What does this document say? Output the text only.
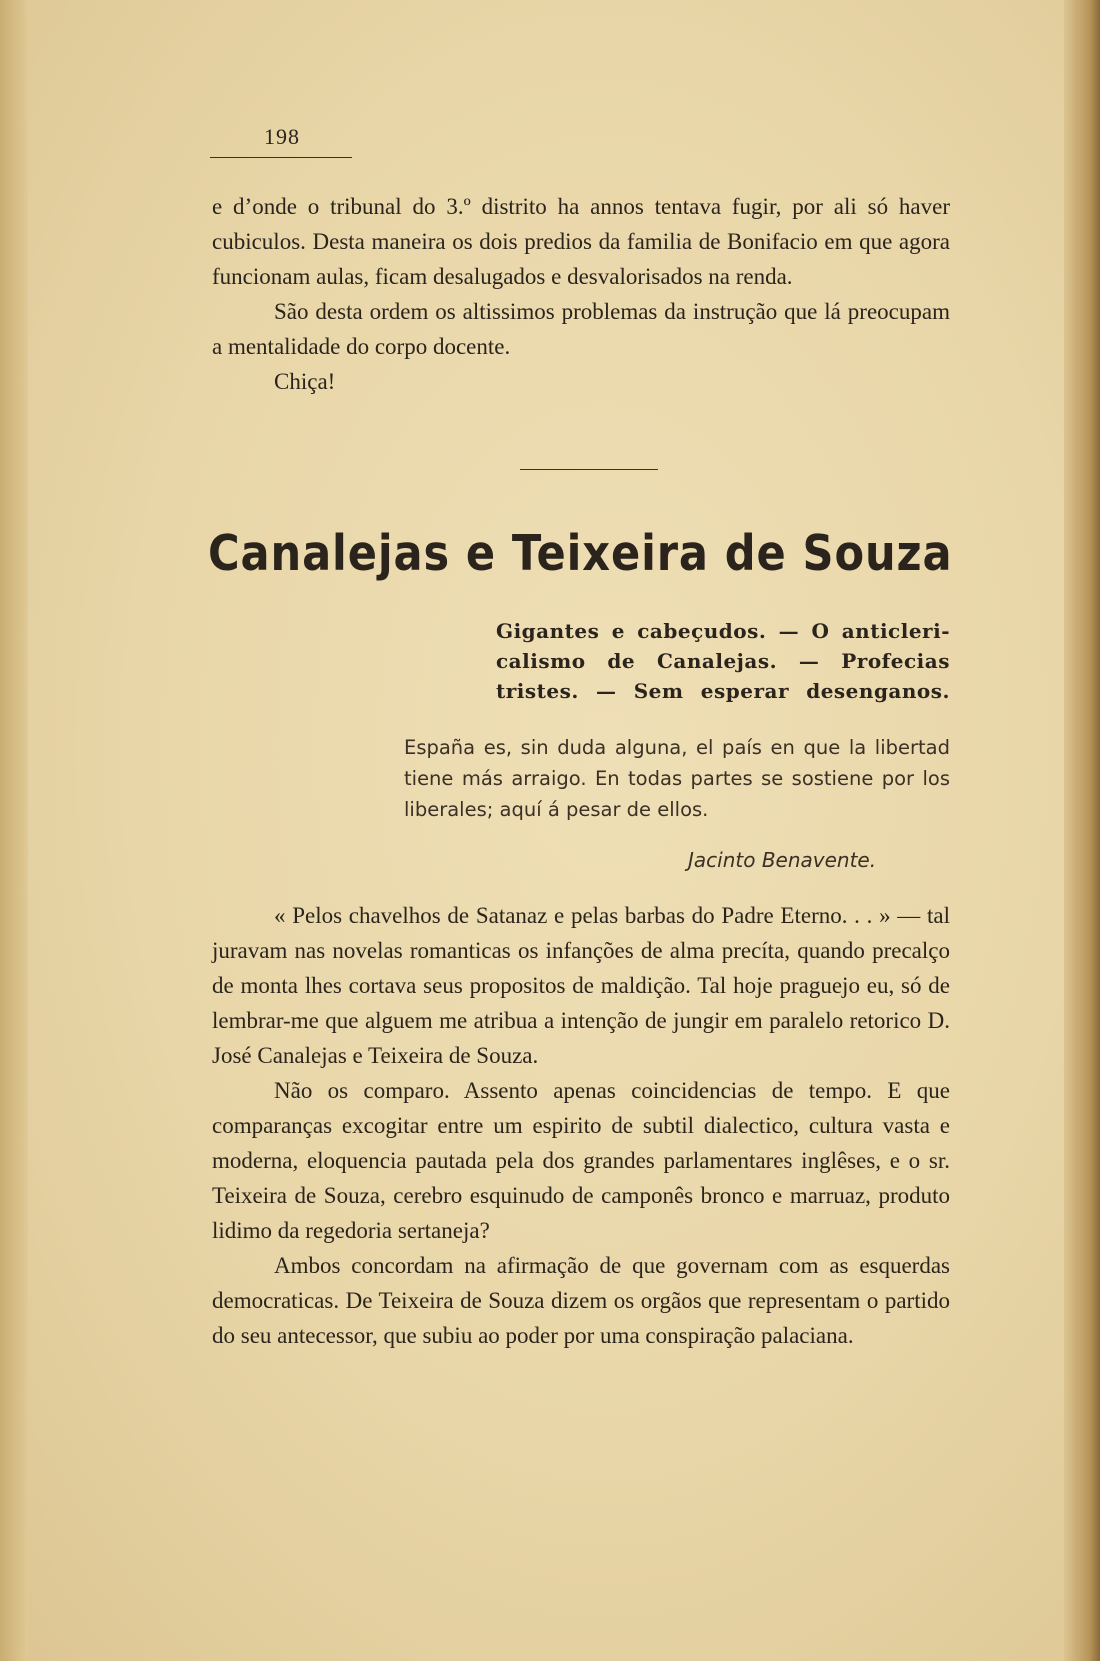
198

e d’onde o tribunal do 3.º distrito ha annos tentava fugir, por ali só haver cubiculos. Desta maneira os dois predios da familia de Bonifacio em que agora funcionam aulas, ficam desalugados e desvalorisados na renda.

São desta ordem os altissimos problemas da instrução que lá preocupam a mentalidade do corpo docente.

Chiça!

Canalejas e Teixeira de Souza
Gigantes e cabeçudos. — O anticleri-
calismo de Canalejas. — Profecias
tristes. — Sem esperar desenganos.
España es, sin duda alguna, el país en que la libertad tiene más arraigo. En todas partes se sostiene por los liberales; aquí á pesar de ellos.
Jacinto Benavente.

« Pelos chavelhos de Satanaz e pelas barbas do Padre Eterno. . . » — tal juravam nas novelas romanticas os infanções de alma precíta, quando precalço de monta lhes cortava seus propositos de maldição. Tal hoje praguejo eu, só de lembrar-me que alguem me atribua a intenção de jungir em paralelo retorico D. José Canalejas e Teixeira de Souza.

Não os comparo. Assento apenas coincidencias de tempo. E que comparanças excogitar entre um espirito de subtil dialectico, cultura vasta e moderna, eloquencia pautada pela dos grandes parlamentares inglêses, e o sr. Teixeira de Souza, cerebro esquinudo de camponês bronco e marruaz, produto lidimo da regedoria sertaneja?

Ambos concordam na afirmação de que governam com as esquerdas democraticas. De Teixeira de Souza dizem os orgãos que representam o partido do seu antecessor, que subiu ao poder por uma conspiração palaciana.
